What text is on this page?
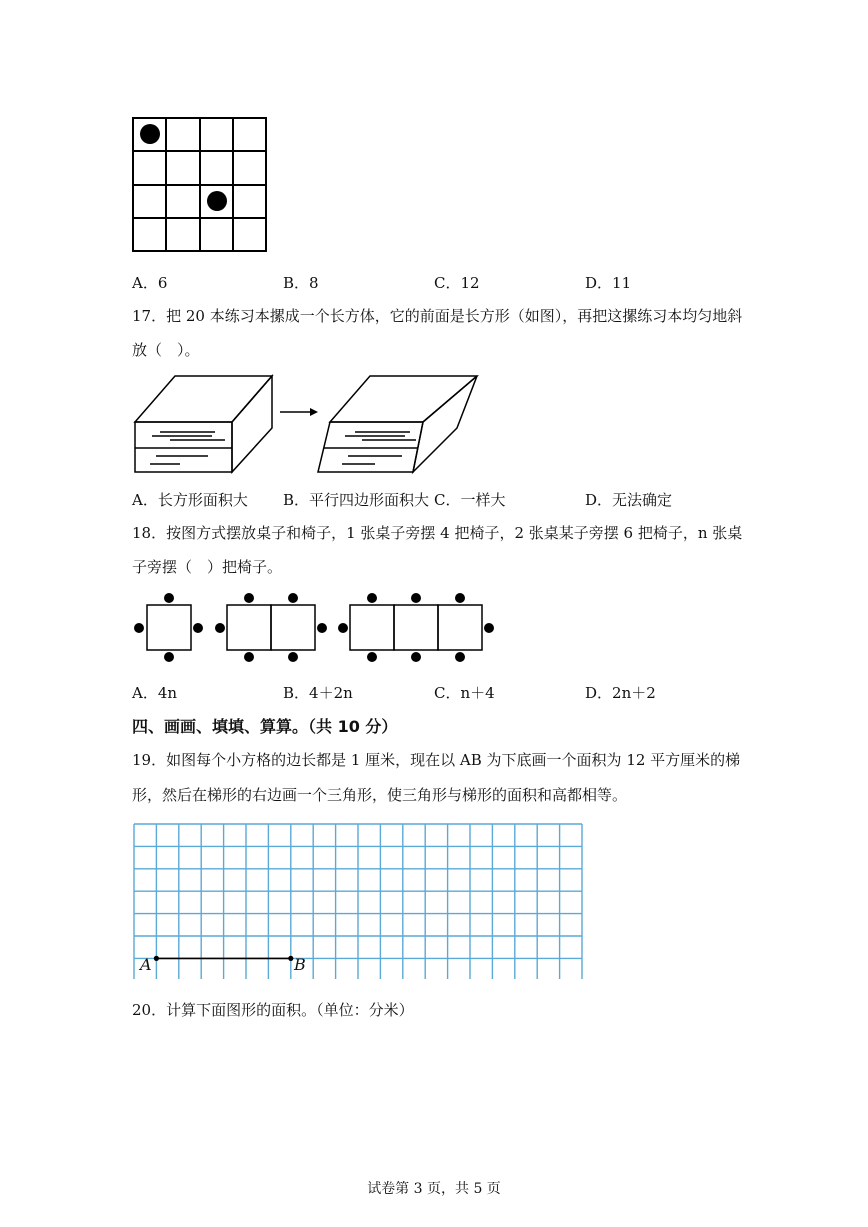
A．6	B．8	C．12	D．11
17．把 20 本练习本摞成一个长方体，它的前面是长方形（如图），再把这摞练习本均匀地斜
放（　）。
A．长方形面积大 B．平行四边形面积大 C．一样大	D．无法确定
18．按图方式摆放桌子和椅子，1 张桌子旁摆 4 把椅子，2 张桌某子旁摆 6 把椅子，n 张桌
子旁摆（　）把椅子。
A．4n	B．4＋2n	C．n＋4	D．2n＋2
四、画画、填填、算算。（共 10 分）
19．如图每个小方格的边长都是 1 厘米，现在以 AB 为下底画一个面积为 12 平方厘米的梯
形，然后在梯形的右边画一个三角形，使三角形与梯形的面积和高都相等。
A	B
20．计算下面图形的面积。（单位：分米）
试卷第 3 页，共 5 页
